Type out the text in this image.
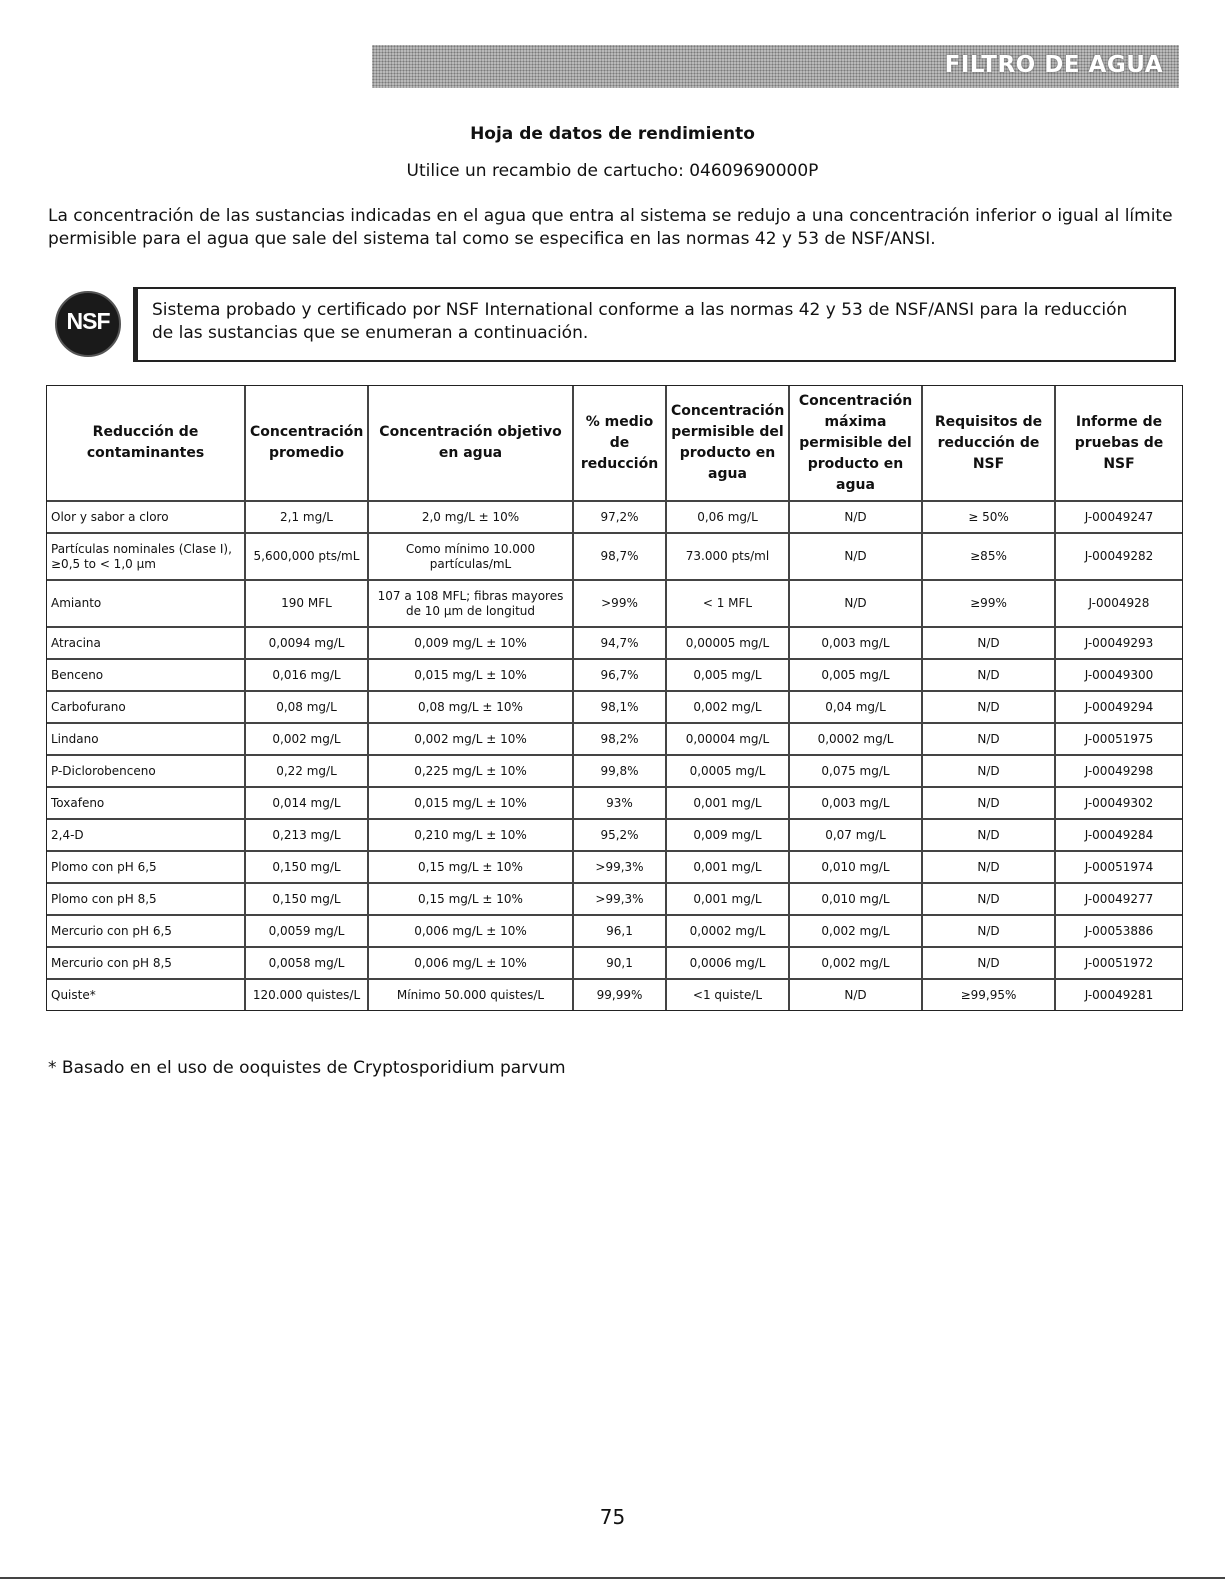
FILTRO DE AGUA
Hoja de datos de rendimiento
Utilice un recambio de cartucho: 04609690000P
La concentración de las sustancias indicadas en el agua que entra al sistema se redujo a una concentración inferior o igual al límite permisible para el agua que sale del sistema tal como se especifica en las normas 42 y 53 de NSF/ANSI.
NSF	Sistema probado y certificado por NSF International conforme a las normas 42 y 53 de NSF/ANSI para la reducción de las sustancias que se enumeran a continuación.
Reducción de contaminantes	Concentración promedio	Concentración objetivo en agua	% medio de reducción	Concentración permisible del producto en agua	Concentración máxima permisible del producto en agua	Requisitos de reducción de NSF	Informe de pruebas de NSF
Olor y sabor a cloro	2,1 mg/L	2,0 mg/L ± 10%	97,2%	0,06 mg/L	N/D	≥ 50%	J-00049247
Partículas nominales (Clase I), ≥0,5 to < 1,0 μm	5,600,000 pts/mL	Como mínimo 10.000 partículas/mL	98,7%	73.000 pts/ml	N/D	≥85%	J-00049282
Amianto	190 MFL	107 a 108 MFL; fibras mayores de 10 μm de longitud	>99%	< 1 MFL	N/D	≥99%	J-0004928
Atracina	0,0094 mg/L	0,009 mg/L ± 10%	94,7%	0,00005 mg/L	0,003 mg/L	N/D	J-00049293
Benceno	0,016 mg/L	0,015 mg/L ± 10%	96,7%	0,005 mg/L	0,005 mg/L	N/D	J-00049300
Carbofurano	0,08 mg/L	0,08 mg/L ± 10%	98,1%	0,002 mg/L	0,04 mg/L	N/D	J-00049294
Lindano	0,002 mg/L	0,002 mg/L ± 10%	98,2%	0,00004 mg/L	0,0002 mg/L	N/D	J-00051975
P-Diclorobenceno	0,22 mg/L	0,225 mg/L ± 10%	99,8%	0,0005 mg/L	0,075 mg/L	N/D	J-00049298
Toxafeno	0,014 mg/L	0,015 mg/L ± 10%	93%	0,001 mg/L	0,003 mg/L	N/D	J-00049302
2,4-D	0,213 mg/L	0,210 mg/L ± 10%	95,2%	0,009 mg/L	0,07 mg/L	N/D	J-00049284
Plomo con pH 6,5	0,150 mg/L	0,15 mg/L ± 10%	>99,3%	0,001 mg/L	0,010 mg/L	N/D	J-00051974
Plomo con pH 8,5	0,150 mg/L	0,15 mg/L ± 10%	>99,3%	0,001 mg/L	0,010 mg/L	N/D	J-00049277
Mercurio con pH 6,5	0,0059 mg/L	0,006 mg/L ± 10%	96,1	0,0002 mg/L	0,002 mg/L	N/D	J-00053886
Mercurio con pH 8,5	0,0058 mg/L	0,006 mg/L ± 10%	90,1	0,0006 mg/L	0,002 mg/L	N/D	J-00051972
Quiste*	120.000 quistes/L	Mínimo 50.000 quistes/L	99,99%	<1 quiste/L	N/D	≥99,95%	J-00049281
* Basado en el uso de ooquistes de Cryptosporidium parvum
75
